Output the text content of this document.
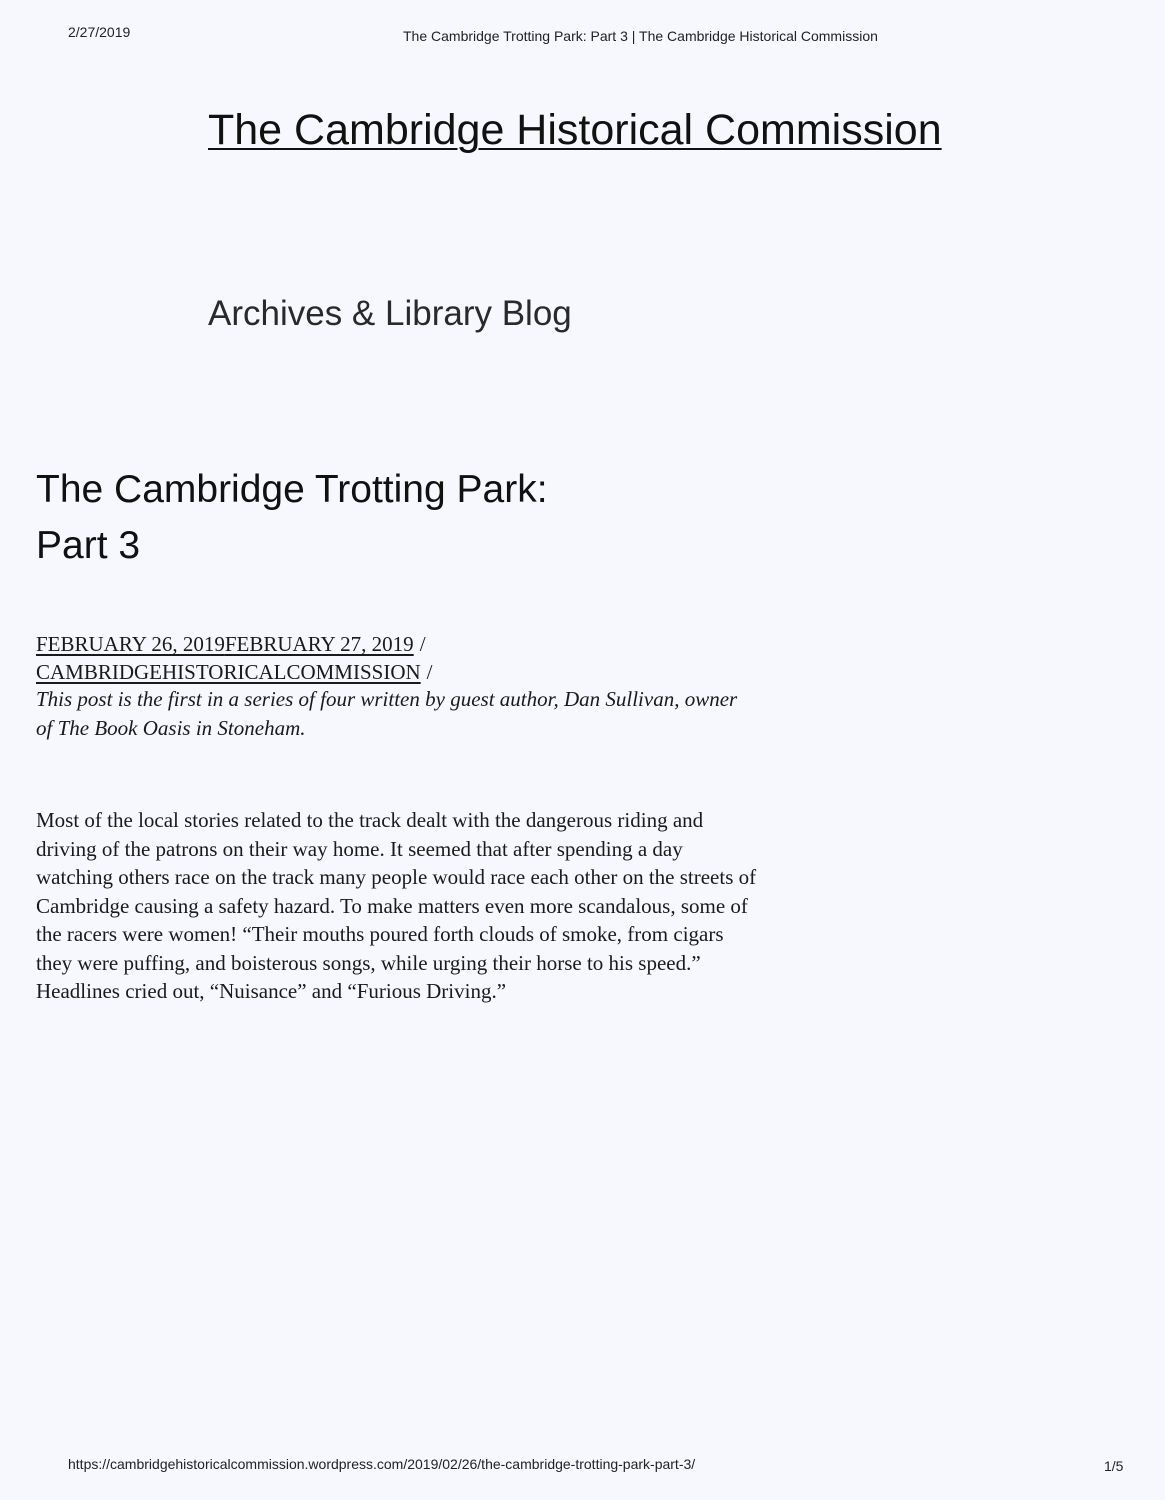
2/27/2019	The Cambridge Trotting Park: Part 3 | The Cambridge Historical Commission
The Cambridge Historical Commission
Archives & Library Blog
The Cambridge Trotting Park:
Part 3
FEBRUARY 26, 2019FEBRUARY 27, 2019 /
CAMBRIDGEHISTORICALCOMMISSION /

This post is the first in a series of four written by guest author, Dan Sullivan, owner of The Book Oasis in Stoneham.

Most of the local stories related to the track dealt with the dangerous riding and driving of the patrons on their way home. It seemed that after spending a day watching others race on the track many people would race each other on the streets of Cambridge causing a safety hazard. To make matters even more scandalous, some of the racers were women! “Their mouths poured forth clouds of smoke, from cigars they were puffing, and boisterous songs, while urging their horse to his speed.” Headlines cried out, “Nuisance” and “Furious Driving.”

https://cambridgehistoricalcommission.wordpress.com/2019/02/26/the-cambridge-trotting-park-part-3/	1/5
